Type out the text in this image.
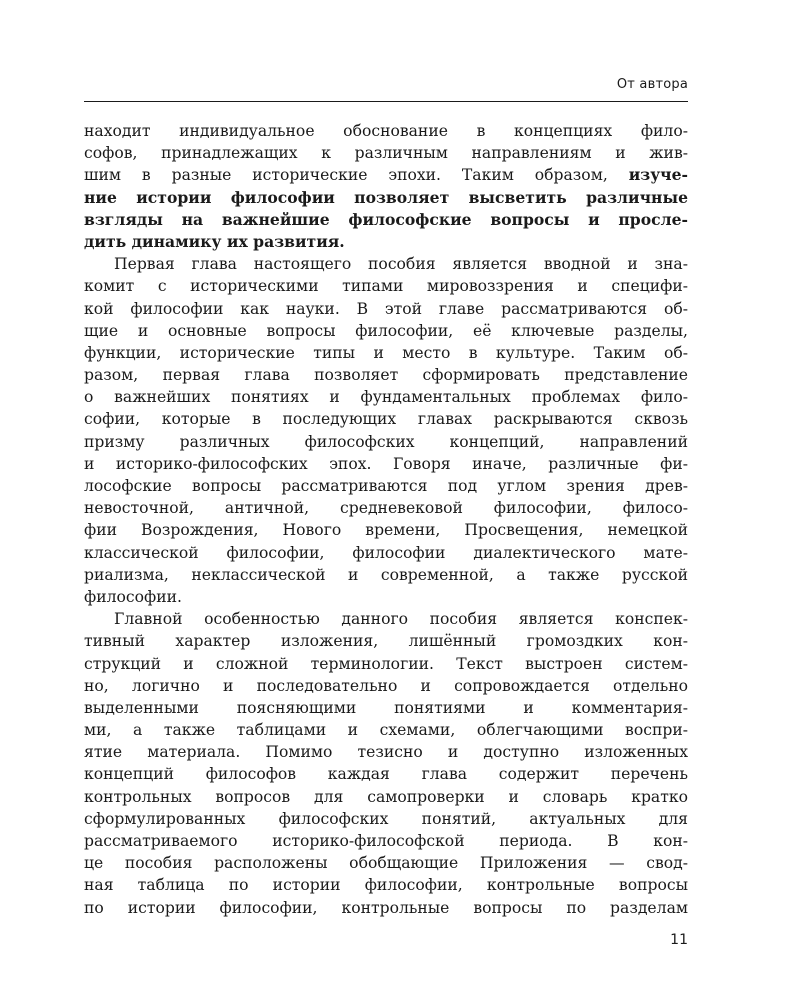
От автора
находит индивидуальное обоснование в концепциях фило-
софов, принадлежащих к различным направлениям и жив-
шим в разные исторические эпохи. Таким образом, изуче-
ние истории философии позволяет высветить различные
взгляды на важнейшие философские вопросы и просле-
дить динамику их развития.
Первая глава настоящего пособия является вводной и зна-
комит с историческими типами мировоззрения и специфи-
кой философии как науки. В этой главе рассматриваются об-
щие и основные вопросы философии, её ключевые разделы,
функции, исторические типы и место в культуре. Таким об-
разом, первая глава позволяет сформировать представление
о важнейших понятиях и фундаментальных проблемах фило-
софии, которые в последующих главах раскрываются сквозь
призму различных философских концепций, направлений
и историко-философских эпох. Говоря иначе, различные фи-
лософские вопросы рассматриваются под углом зрения древ-
невосточной, античной, средневековой философии, филосо-
фии Возрождения, Нового времени, Просвещения, немецкой
классической философии, философии диалектического мате-
риализма, неклассической и современной, а также русской
философии.
Главной особенностью данного пособия является конспек-
тивный характер изложения, лишённый громоздких кон-
струкций и сложной терминологии. Текст выстроен систем-
но, логично и последовательно и сопровождается отдельно
выделенными поясняющими понятиями и комментария-
ми, а также таблицами и схемами, облегчающими воспри-
ятие материала. Помимо тезисно и доступно изложенных
концепций философов каждая глава содержит перечень
контрольных вопросов для самопроверки и словарь кратко
сформулированных философских понятий, актуальных для
рассматриваемого историко-философской периода. В кон-
це пособия расположены обобщающие Приложения — свод-
ная таблица по истории философии, контрольные вопросы
по истории философии, контрольные вопросы по разделам
11
